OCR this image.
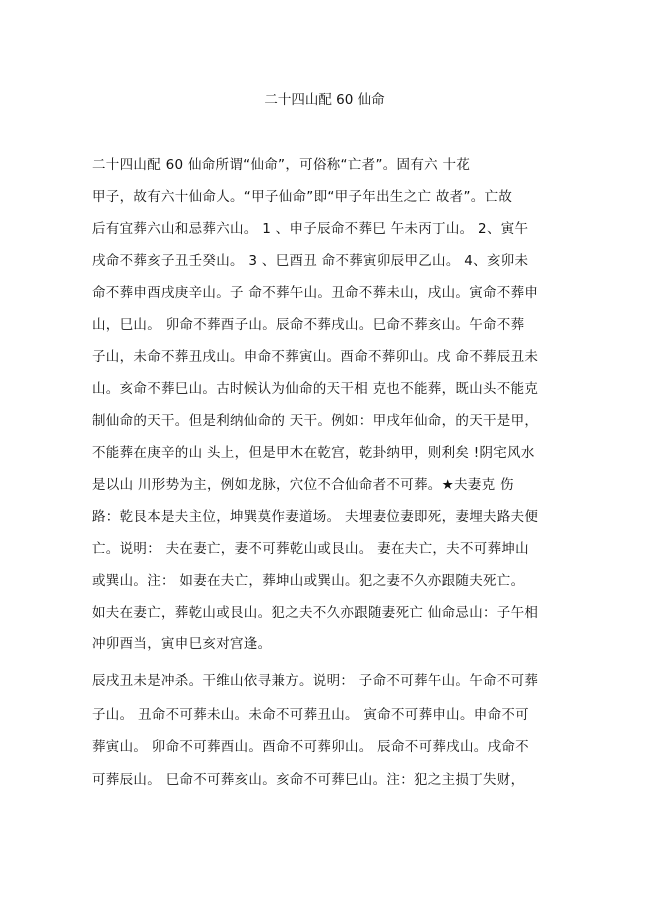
二十四山配 60 仙命
二十四山配 60 仙命所谓“仙命”，可俗称“亡者”。固有六 十花
甲子，故有六十仙命人。“甲子仙命”即“甲子年出生之亡 故者”。亡故
后有宜葬六山和忌葬六山。 1 、申子辰命不葬巳 午未丙丁山。 2、寅午
戌命不葬亥子丑壬癸山。 3 、巳酉丑 命不葬寅卯辰甲乙山。 4、亥卯未
命不葬申酉戌庚辛山。子 命不葬午山。丑命不葬未山，戌山。寅命不葬申
山，巳山。 卯命不葬酉子山。辰命不葬戌山。巳命不葬亥山。午命不葬
子山，未命不葬丑戌山。申命不葬寅山。酉命不葬卯山。戌 命不葬辰丑未
山。亥命不葬巳山。古时候认为仙命的天干相 克也不能葬，既山头不能克
制仙命的天干。但是利纳仙命的 天干。例如：甲戌年仙命，的天干是甲，
不能葬在庚辛的山 头上，但是甲木在乾宫，乾卦纳甲，则利矣 !阴宅风水
是以山 川形势为主，例如龙脉，穴位不合仙命者不可葬。★夫妻克 伤
路：乾艮本是夫主位，坤巽莫作妻道场。 夫埋妻位妻即死，妻埋夫路夫便
亡。说明： 夫在妻亡，妻不可葬乾山或艮山。 妻在夫亡，夫不可葬坤山
或巽山。注： 如妻在夫亡，葬坤山或巽山。犯之妻不久亦跟随夫死亡。
如夫在妻亡，葬乾山或艮山。犯之夫不久亦跟随妻死亡 仙命忌山：子午相
冲卯酉当，寅申巳亥对宫逢。
辰戌丑未是冲杀。干维山依寻兼方。说明： 子命不可葬午山。午命不可葬
子山。 丑命不可葬未山。未命不可葬丑山。 寅命不可葬申山。申命不可
葬寅山。 卯命不可葬酉山。酉命不可葬卯山。 辰命不可葬戌山。戌命不
可葬辰山。 巳命不可葬亥山。亥命不可葬巳山。注：犯之主损丁失财，
